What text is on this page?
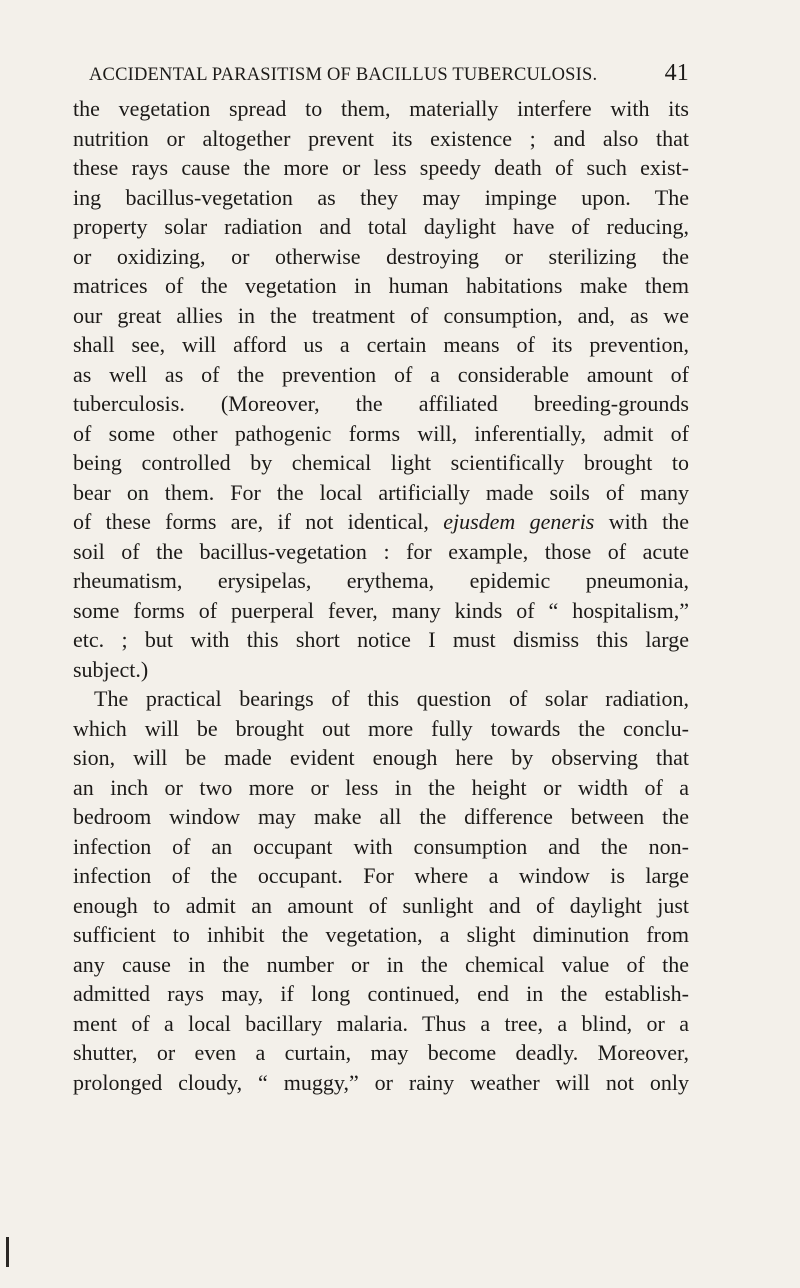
ACCIDENTAL PARASITISM OF BACILLUS TUBERCULOSIS.	41
the vegetation spread to them, materially interfere with its
nutrition or altogether prevent its existence ; and also that
these rays cause the more or less speedy death of such exist-
ing bacillus-vegetation as they may impinge upon. The
property solar radiation and total daylight have of reducing,
or oxidizing, or otherwise destroying or sterilizing the
matrices of the vegetation in human habitations make them
our great allies in the treatment of consumption, and, as we
shall see, will afford us a certain means of its prevention,
as well as of the prevention of a considerable amount of
tuberculosis. (Moreover, the affiliated breeding-grounds
of some other pathogenic forms will, inferentially, admit of
being controlled by chemical light scientifically brought to
bear on them. For the local artificially made soils of many
of these forms are, if not identical, ejusdem generis with the
soil of the bacillus-vegetation : for example, those of acute
rheumatism, erysipelas, erythema, epidemic pneumonia,
some forms of puerperal fever, many kinds of “ hospitalism,”
etc. ; but with this short notice I must dismiss this large
subject.)
The practical bearings of this question of solar radiation,
which will be brought out more fully towards the conclu-
sion, will be made evident enough here by observing that
an inch or two more or less in the height or width of a
bedroom window may make all the difference between the
infection of an occupant with consumption and the non-
infection of the occupant. For where a window is large
enough to admit an amount of sunlight and of daylight just
sufficient to inhibit the vegetation, a slight diminution from
any cause in the number or in the chemical value of the
admitted rays may, if long continued, end in the establish-
ment of a local bacillary malaria. Thus a tree, a blind, or a
shutter, or even a curtain, may become deadly. Moreover,
prolonged cloudy, “ muggy,” or rainy weather will not only
